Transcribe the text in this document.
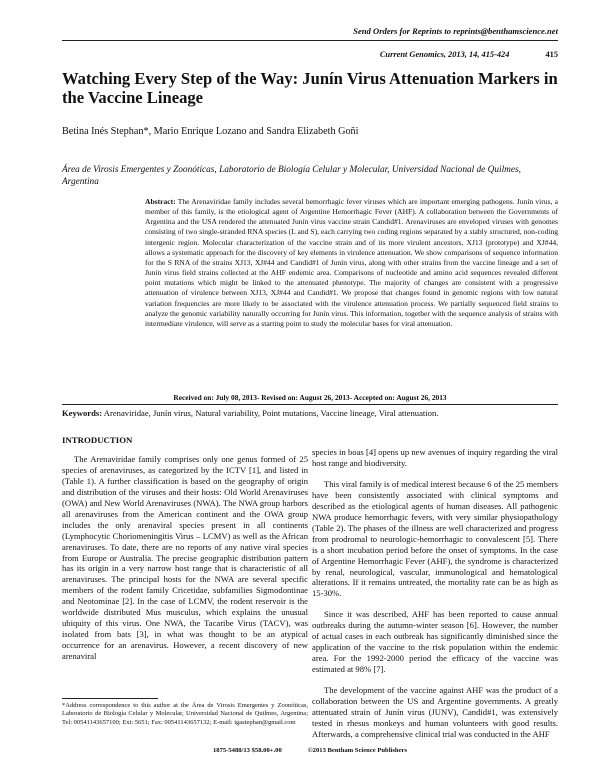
Send Orders for Reprints to reprints@benthamscience.net
Current Genomics, 2013, 14, 415-424	415
Watching Every Step of the Way: Junín Virus Attenuation Markers in the Vaccine Lineage
Betina Inés Stephan*, Mario Enrique Lozano and Sandra Elizabeth Goñi
Área de Virosis Emergentes y Zoonóticas, Laboratorio de Biología Celular y Molecular, Universidad Nacional de Quilmes, Argentina
Abstract: The Arenaviridae family includes several hemorrhagic fever viruses which are important emerging pathogens. Junín virus, a member of this family, is the etiological agent of Argentine Hemorrhagic Fever (AHF). A collaboration between the Governments of Argentina and the USA rendered the attenuated Junín virus vaccine strain Candid#1. Arenaviruses are enveloped viruses with genomes consisting of two single-stranded RNA species (L and S), each carrying two coding regions separated by a stably structured, non-coding intergenic region. Molecular characterization of the vaccine strain and of its more virulent ancestors, XJ13 (prototype) and XJ#44, allows a systematic approach for the discovery of key elements in virulence attenuation. We show comparisons of sequence information for the S RNA of the strains XJ13, XJ#44 and Candid#1 of Junín virus, along with other strains from the vaccine lineage and a set of Junín virus field strains collected at the AHF endemic area. Comparisons of nucleotide and amino acid sequences revealed different point mutations which might be linked to the attenuated phenotype. The majority of changes are consistent with a progressive attenuation of virulence between XJ13, XJ#44 and Candid#1. We propose that changes found in genomic regions with low natural variation frequencies are more likely to be associated with the virulence attenuation process. We partially sequenced field strains to analyze the genomic variability naturally occurring for Junín virus. This information, together with the sequence analysis of strains with intermediate virulence, will serve as a starting point to study the molecular bases for viral attenuation.
Received on: July 08, 2013- Revised on: August 26, 2013- Accepted on: August 26, 2013
Keywords: Arenaviridae, Junín virus, Natural variability, Point mutations, Vaccine lineage, Viral attenuation.
INTRODUCTION

The Arenaviridae family comprises only one genus formed of 25 species of arenaviruses, as categorized by the ICTV [1], and listed in (Table 1). A further classification is based on the geography of origin and distribution of the viruses and their hosts: Old World Arenaviruses (OWA) and New World Arenaviruses (NWA). The NWA group harbors all arenaviruses from the American continent and the OWA group includes the only arenaviral species present in all continents (Lymphocytic Choriomeningitis Virus – LCMV) as well as the African arenaviruses. To date, there are no reports of any native viral species from Europe or Australia. The precise geographic distribution pattern has its origin in a very narrow host range that is characteristic of all arenaviruses. The principal hosts for the NWA are several specific members of the rodent family Cricetidae, subfamilies Sigmodontinae and Neotominae [2]. In the case of LCMV, the rodent reservoir is the worldwide distributed Mus musculus, which explains the unusual ubiquity of this virus. One NWA, the Tacaribe Virus (TACV), was isolated from bats [3], in what was thought to be an atypical occurrence for an arenavirus. However, a recent discovery of new arenaviral

species in boas [4] opens up new avenues of inquiry regarding the viral host range and biodiversity.

This viral family is of medical interest because 6 of the 25 members have been consistently associated with clinical symptoms and described as the etiological agents of human diseases. All pathogenic NWA produce hemorrhagic fevers, with very similar physiopathology (Table 2). The phases of the illness are well characterized and progress from prodromal to neurologic-hemorrhagic to convalescent [5]. There is a short incubation period before the onset of symptoms. In the case of Argentine Hemorrhagic Fever (AHF), the syndrome is characterized by renal, neurological, vascular, immunological and hematological alterations. If it remains untreated, the mortality rate can be as high as 15-30%.

Since it was described, AHF has been reported to cause annual outbreaks during the autumn-winter season [6]. However, the number of actual cases in each outbreak has significantly diminished since the application of the vaccine to the risk population within the endemic area. For the 1992-2000 period the efficacy of the vaccine was estimated at 98% [7].

The development of the vaccine against AHF was the product of a collaboration between the US and Argentine governments. A greatly attenuated strain of Junín virus (JUNV), Candid#1, was extensively tested in rhesus monkeys and human volunteers with good results. Afterwards, a comprehensive clinical trial was conducted in the AHF

*Address correspondence to this author at the Área de Virosis Emergentes y Zoonóticas, Laboratorio de Biología Celular y Molecular, Universidad Nacional de Quilmes, Argentina; Tel: 00541143657100; Ext: 5651; Fax: 00541143657132; E-mail: igastephan@gmail.com
1875-5488/13 $58.00+.00	©2013 Bentham Science Publishers
